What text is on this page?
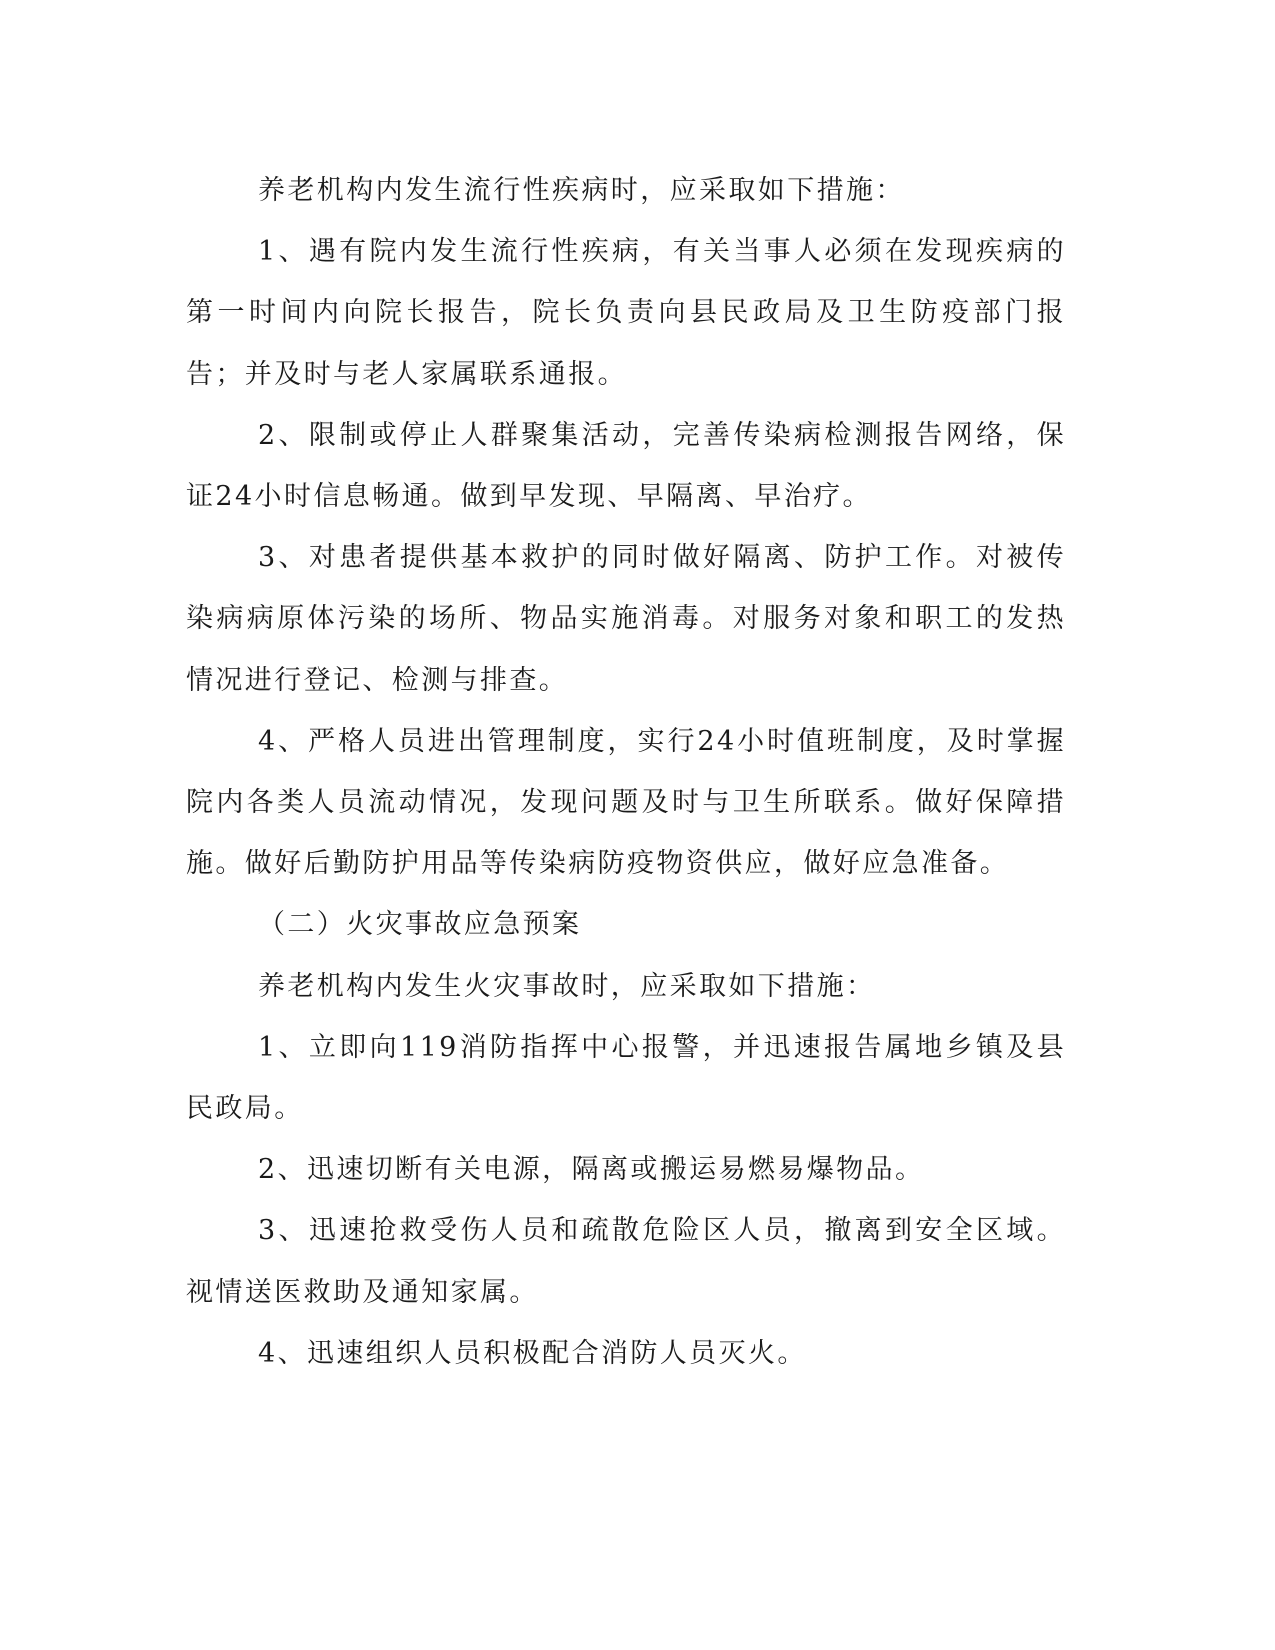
养老机构内发生流行性疾病时，应采取如下措施：

1、遇有院内发生流行性疾病，有关当事人必须在发现疾病的第一时间内向院长报告，院长负责向县民政局及卫生防疫部门报告；并及时与老人家属联系通报。

2、限制或停止人群聚集活动，完善传染病检测报告网络，保证24小时信息畅通。做到早发现、早隔离、早治疗。

3、对患者提供基本救护的同时做好隔离、防护工作。对被传染病病原体污染的场所、物品实施消毒。对服务对象和职工的发热情况进行登记、检测与排查。

4、严格人员进出管理制度，实行24小时值班制度，及时掌握院内各类人员流动情况，发现问题及时与卫生所联系。做好保障措施。做好后勤防护用品等传染病防疫物资供应，做好应急准备。

（二）火灾事故应急预案

养老机构内发生火灾事故时，应采取如下措施：

1、立即向119消防指挥中心报警，并迅速报告属地乡镇及县民政局。

2、迅速切断有关电源，隔离或搬运易燃易爆物品。

3、迅速抢救受伤人员和疏散危险区人员，撤离到安全区域。视情送医救助及通知家属。

4、迅速组织人员积极配合消防人员灭火。
